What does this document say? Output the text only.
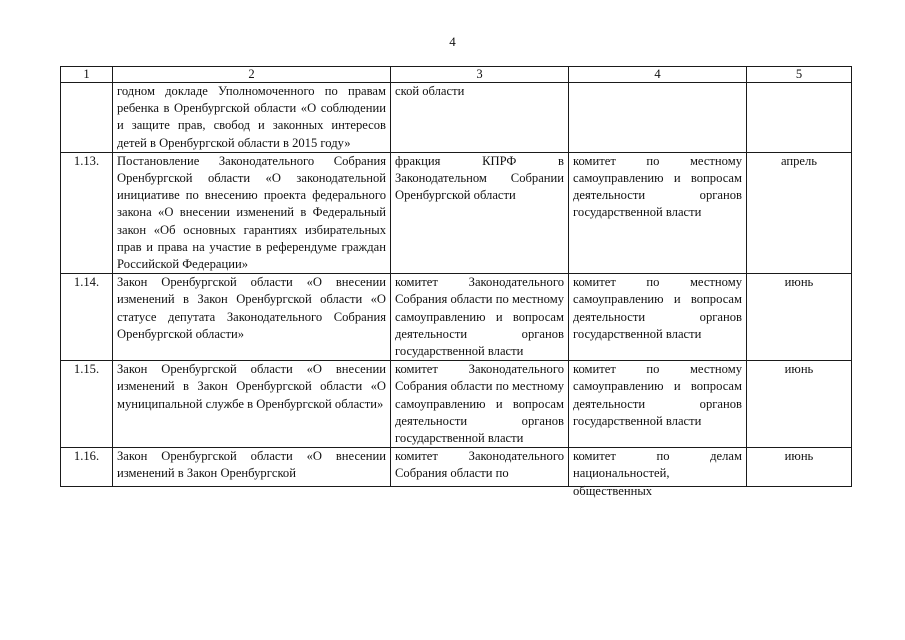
4
1	2	3	4	5
	годном докладе Уполномоченного по правам ребенка в Оренбургской области «О соблюдении и защите прав, свобод и законных интересов детей в Оренбургской области в 2015 году»	ской области		
1.13.	Постановление Законодательного Собрания Оренбургской области «О законодательной инициативе по внесению проекта федерального закона «О внесении изменений в Федеральный закон «Об основных гарантиях избирательных прав и права на участие в референдуме граждан Российской Федерации»	фракция КПРФ в Законодательном Собрании Оренбургской области	комитет по местному самоуправлению и вопросам деятельности органов государственной власти	апрель
1.14.	Закон Оренбургской области «О внесении изменений в Закон Оренбургской области «О статусе депутата Законодательного Собрания Оренбургской области»	комитет Законодательного Собрания области по местному самоуправлению и вопросам деятельности органов государственной власти	комитет по местному самоуправлению и вопросам деятельности органов государственной власти	июнь
1.15.	Закон Оренбургской области «О внесении изменений в Закон Оренбургской области «О муниципальной службе в Оренбургской области»	комитет Законодательного Собрания области по местному самоуправлению и вопросам деятельности органов государственной власти	комитет по местному самоуправлению и вопросам деятельности органов государственной власти	июнь

1.16.	Закон Оренбургской области «О внесении изменений в Закон Оренбургской	комитет Законодательного Собрания области по	комитет по делам национальностей, общественных	июнь
